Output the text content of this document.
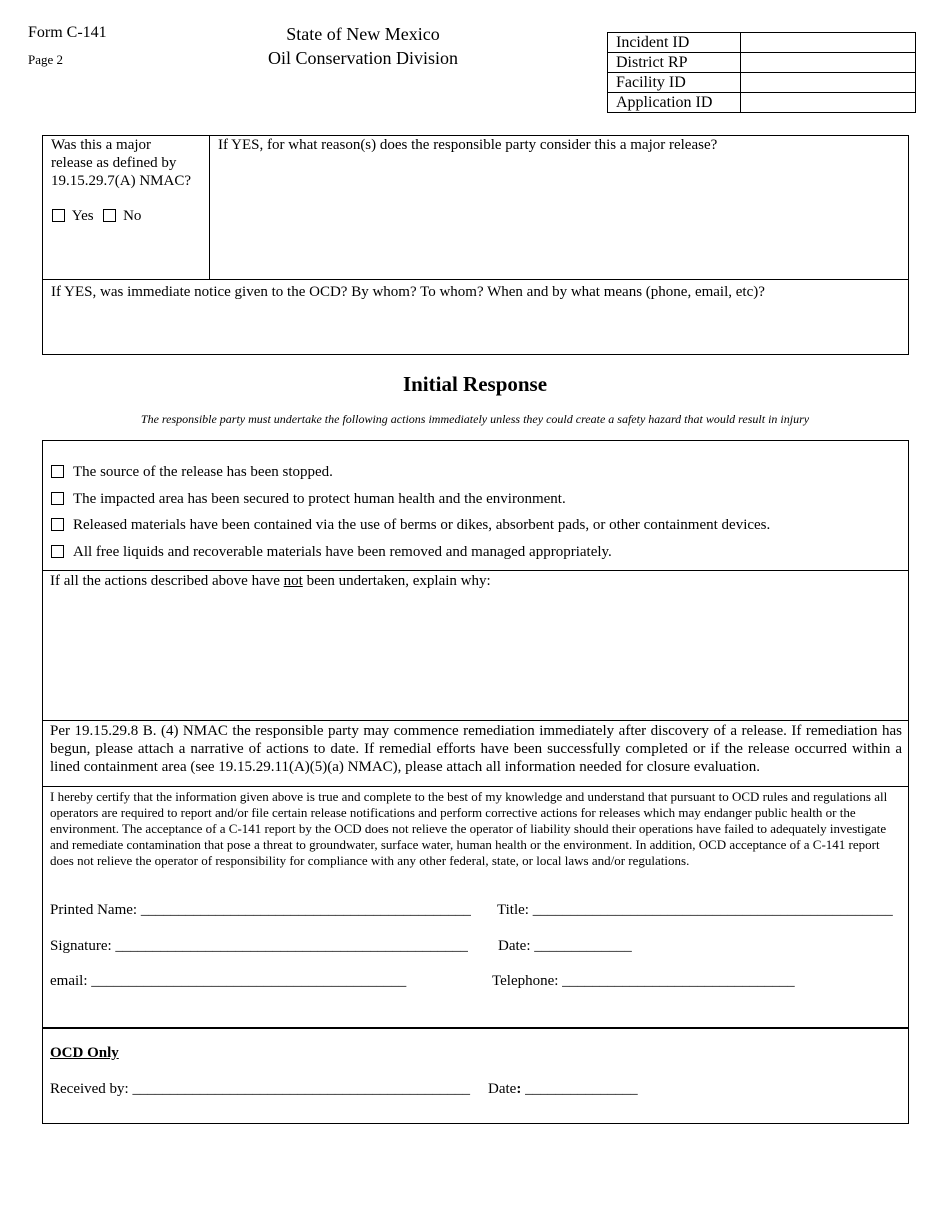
Form C-141
Page 2
State of New Mexico
Oil Conservation Division
Incident ID	
District RP	
Facility ID	
Application ID	
Was this a major
release as defined by
19.15.29.7(A) NMAC?
Yes No
If YES, for what reason(s) does the responsible party consider this a major release?
If YES, was immediate notice given to the OCD? By whom? To whom? When and by what means (phone, email, etc)?
Initial Response
The responsible party must undertake the following actions immediately unless they could create a safety hazard that would result in injury
The source of the release has been stopped.
The impacted area has been secured to protect human health and the environment.
Released materials have been contained via the use of berms or dikes, absorbent pads, or other containment devices.
All free liquids and recoverable materials have been removed and managed appropriately.
If all the actions described above have not been undertaken, explain why:
Per 19.15.29.8 B. (4) NMAC the responsible party may commence remediation immediately after discovery of a release. If remediation has begun, please attach a narrative of actions to date. If remedial efforts have been successfully completed or if the release occurred within a lined containment area (see 19.15.29.11(A)(5)(a) NMAC), please attach all information needed for closure evaluation.
I hereby certify that the information given above is true and complete to the best of my knowledge and understand that pursuant to OCD rules and regulations all operators are required to report and/or file certain release notifications and perform corrective actions for releases which may endanger public health or the environment. The acceptance of a C-141 report by the OCD does not relieve the operator of liability should their operations have failed to adequately investigate and remediate contamination that pose a threat to groundwater, surface water, human health or the environment. In addition, OCD acceptance of a C-141 report does not relieve the operator of responsibility for compliance with any other federal, state, or local laws and/or regulations.
Printed Name: ____________________________________________ Title: ________________________________________________
Signature: _______________________________________________ Date: _____________
email: __________________________________________	Telephone: _______________________________
OCD Only
Received by: _____________________________________________ Date: _______________
